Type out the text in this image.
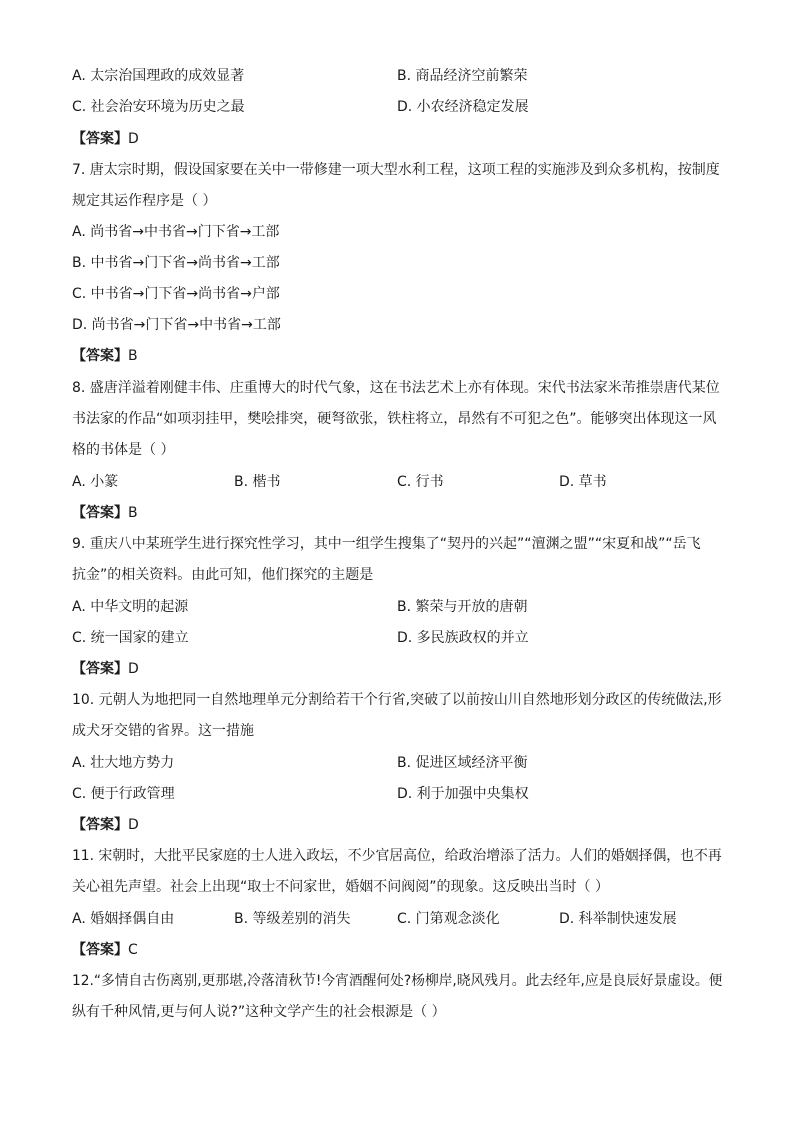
A. 太宗治国理政的成效显著	B. 商品经济空前繁荣
C. 社会治安环境为历史之最	D. 小农经济稳定发展
【答案】D
7. 唐太宗时期，假设国家要在关中一带修建一项大型水利工程，这项工程的实施涉及到众多机构，按制度
规定其运作程序是（ ）
A. 尚书省→中书省→门下省→工部
B. 中书省→门下省→尚书省→工部
C. 中书省→门下省→尚书省→户部
D. 尚书省→门下省→中书省→工部
【答案】B
8. 盛唐洋溢着刚健丰伟、庄重博大的时代气象，这在书法艺术上亦有体现。宋代书法家米芾推崇唐代某位
书法家的作品“如项羽挂甲，樊哙排突，硬弩欲张，铁柱将立，昂然有不可犯之色”。能够突出体现这一风
格的书体是（ ）
A. 小篆	B. 楷书	C. 行书	D. 草书
【答案】B
9. 重庆八中某班学生进行探究性学习，其中一组学生搜集了“契丹的兴起”“澶渊之盟”“宋夏和战”“岳飞
抗金”的相关资料。由此可知，他们探究的主题是
A. 中华文明的起源	B. 繁荣与开放的唐朝
C. 统一国家的建立	D. 多民族政权的并立
【答案】D
10. 元朝人为地把同一自然地理单元分割给若干个行省,突破了以前按山川自然地形划分政区的传统做法,形
成犬牙交错的省界。这一措施
A. 壮大地方势力	B. 促进区域经济平衡
C. 便于行政管理	D. 利于加强中央集权
【答案】D
11. 宋朝时，大批平民家庭的士人进入政坛，不少官居高位，给政治增添了活力。人们的婚姻择偶，也不再
关心祖先声望。社会上出现“取士不问家世，婚姻不问阀阅”的现象。这反映出当时（ ）
A. 婚姻择偶自由	B. 等级差别的消失	C. 门第观念淡化	D. 科举制快速发展
【答案】C
12.“多情自古伤离别,更那堪,冷落清秋节!今宵酒醒何处?杨柳岸,晓风残月。此去经年,应是良辰好景虚设。便
纵有千种风情,更与何人说?”这种文学产生的社会根源是（ ）
